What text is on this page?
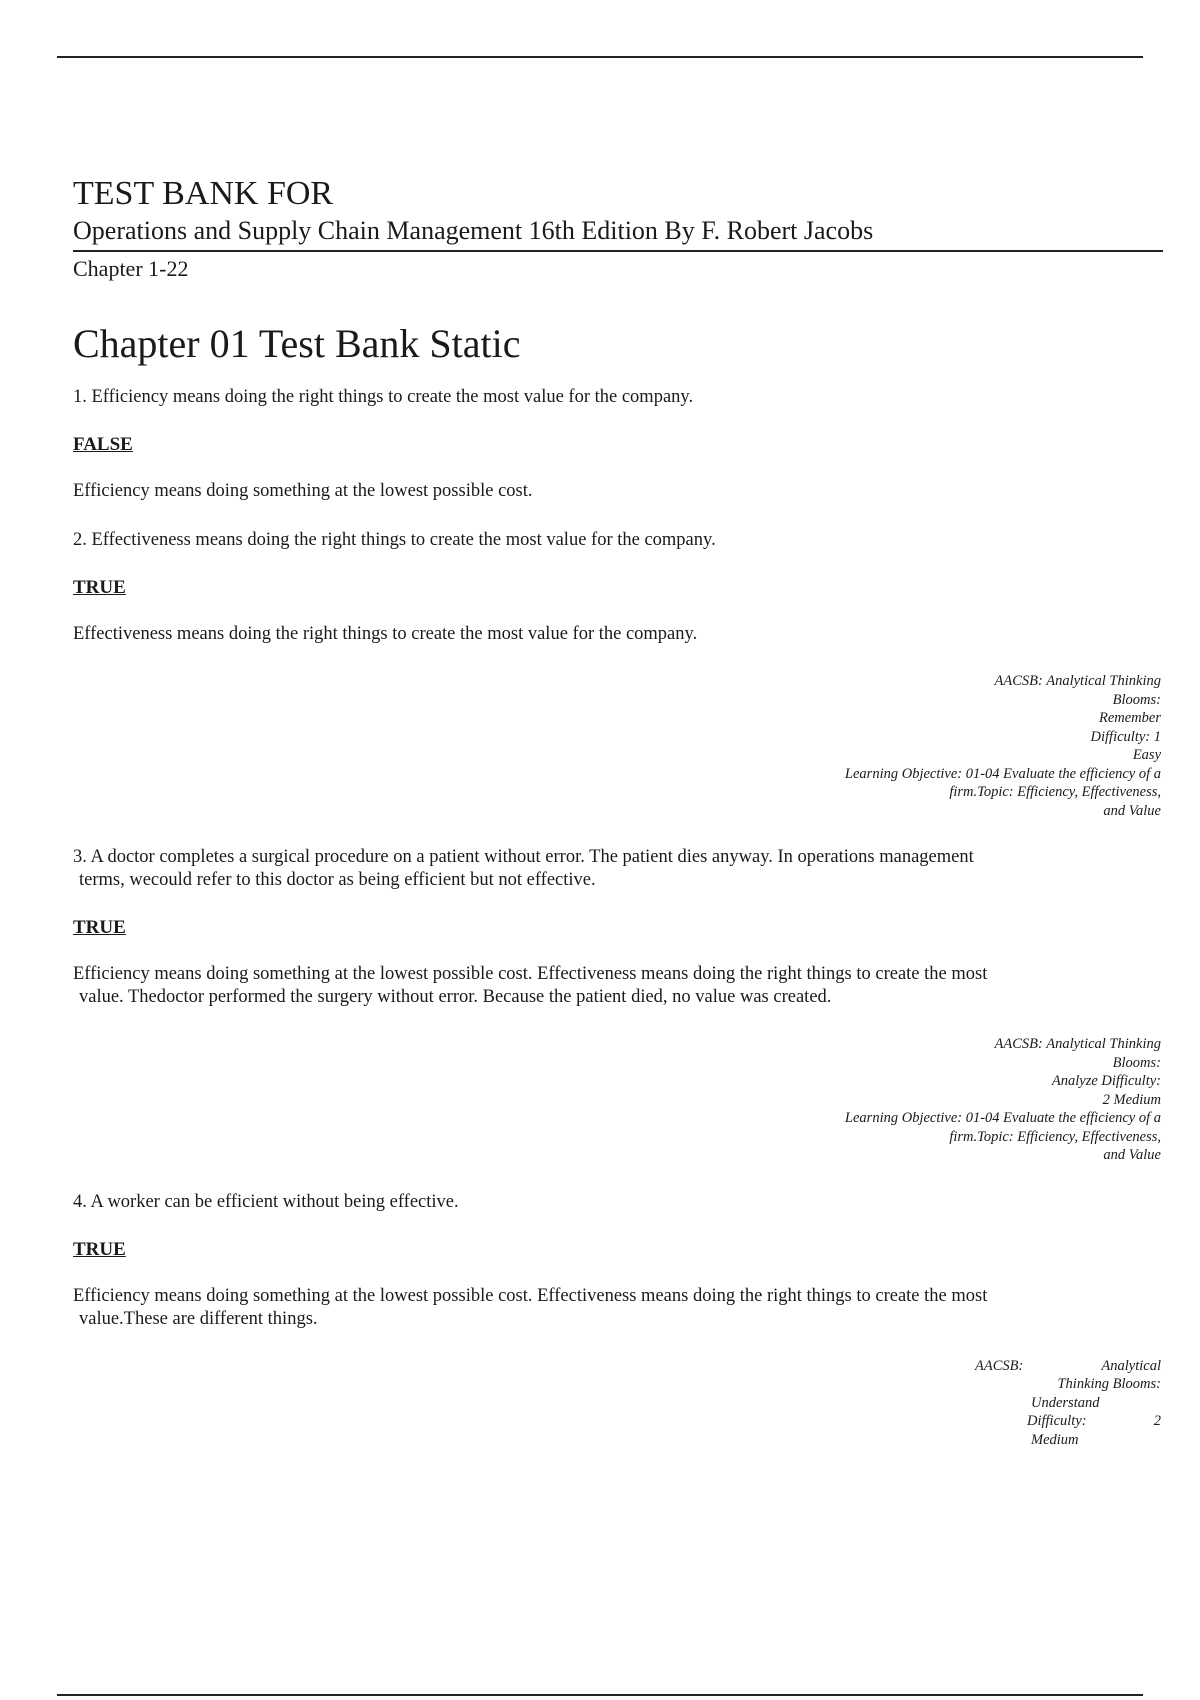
TEST BANK FOR
Operations and Supply Chain Management 16th Edition By F. Robert Jacobs
Chapter 1-22
Chapter 01 Test Bank Static

1. Efficiency means doing the right things to create the most value for the company.

FALSE

Efficiency means doing something at the lowest possible cost.

2. Effectiveness means doing the right things to create the most value for the company.

TRUE

Effectiveness means doing the right things to create the most value for the company.

AACSB: Analytical Thinking
Blooms:
Remember
Difficulty: 1
Easy
Learning Objective: 01-04 Evaluate the efficiency of a
firm.Topic: Efficiency, Effectiveness,
and Value

3. A doctor completes a surgical procedure on a patient without error. The patient dies anyway. In operations management
terms, wecould refer to this doctor as being efficient but not effective.

TRUE

Efficiency means doing something at the lowest possible cost. Effectiveness means doing the right things to create the most
value. Thedoctor performed the surgery without error. Because the patient died, no value was created.

AACSB: Analytical Thinking
Blooms:
Analyze Difficulty:
2 Medium
Learning Objective: 01-04 Evaluate the efficiency of a
firm.Topic: Efficiency, Effectiveness,
and Value

4. A worker can be efficient without being effective.

TRUE

Efficiency means doing something at the lowest possible cost. Effectiveness means doing the right things to create the most
value.These are different things.

AACSB:	Analytical
Thinking Blooms:
Understand
Difficulty:	2
Medium
